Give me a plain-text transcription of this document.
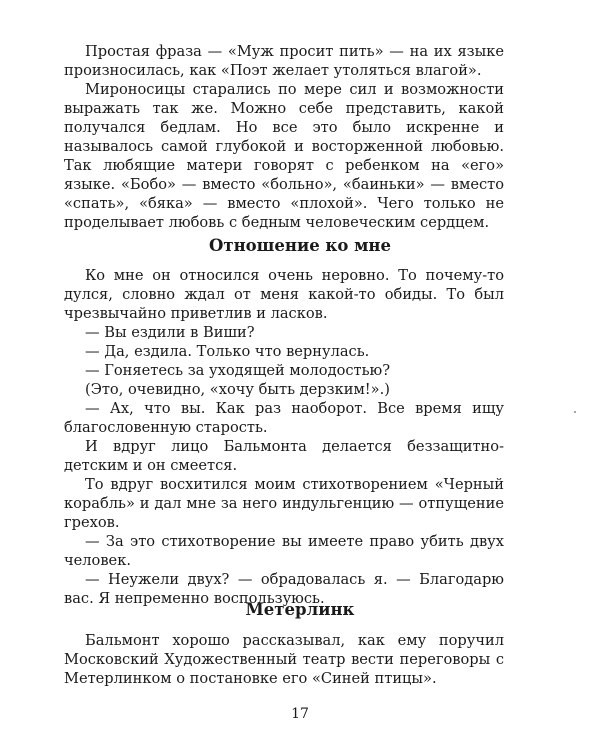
Простая фраза — «Муж просит пить» — на их языке произносилась, как «Поэт желает утоляться влагой».

Мироносицы старались по мере сил и возможности выражать так же. Можно себе представить, какой получался бедлам. Но все это было искренне и называлось самой глубокой и восторженной любовью. Так любящие матери говорят с ребенком на «его» языке. «Бобо» — вместо «больно», «баиньки» — вместо «спать», «бяка» — вместо «плохой». Чего только не проделывает любовь с бедным человеческим сердцем.

Отношение ко мне

Ко мне он относился очень неровно. То почему-то дулся, словно ждал от меня какой-то обиды. То был чрезвычайно приветлив и ласков.

— Вы ездили в Виши?

— Да, ездила. Только что вернулась.

— Гоняетесь за уходящей молодостью?

(Это, очевидно, «хочу быть дерзким!».)

— Ах, что вы. Как раз наоборот. Все время ищу благословенную старость.

И вдруг лицо Бальмонта делается беззащитно-детским и он смеется.

То вдруг восхитился моим стихотворением «Черный корабль» и дал мне за него индульгенцию — отпущение грехов.

— За это стихотворение вы имеете право убить двух человек.

— Неужели двух? — обрадовалась я. — Благодарю вас. Я непременно воспользуюсь.

Метерлинк

Бальмонт хорошо рассказывал, как ему поручил Московский Художественный театр вести переговоры с Метерлинком о постановке его «Синей птицы».

17
